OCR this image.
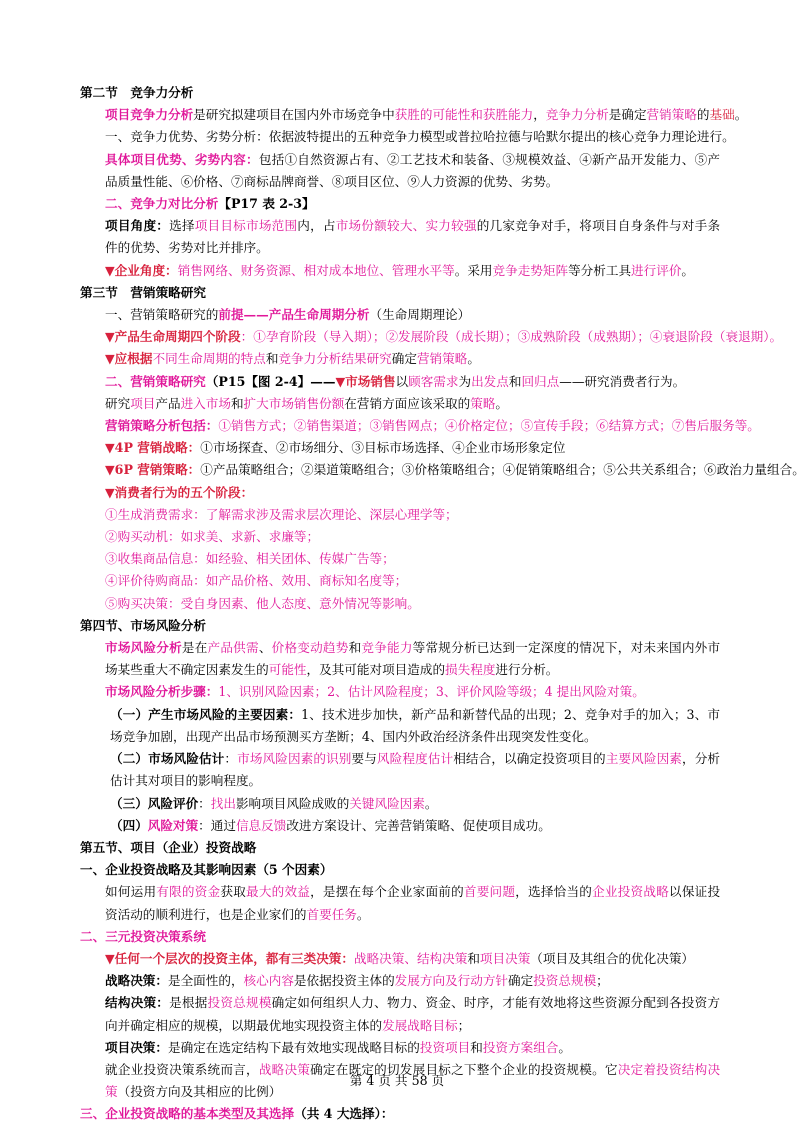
第二节　竞争力分析
项目竞争力分析是研究拟建项目在国内外市场竞争中获胜的可能性和获胜能力，竞争力分析是确定营销策略的基础。
一、竞争力优势、劣势分析：依据波特提出的五种竞争力模型或普拉哈拉德与哈默尔提出的核心竞争力理论进行。
具体项目优势、劣势内容：包括①自然资源占有、②工艺技术和装备、③规模效益、④新产品开发能力、⑤产品质量性能、⑥价格、⑦商标品牌商誉、⑧项目区位、⑨人力资源的优势、劣势。
二、竞争力对比分析【P17 表 2-3】
项目角度：选择项目目标市场范围内，占市场份额较大、实力较强的几家竞争对手，将项目自身条件与对手条件的优势、劣势对比并排序。
▼企业角度：销售网络、财务资源、相对成本地位、管理水平等。采用竞争走势矩阵等分析工具进行评价。
第三节　营销策略研究
一、营销策略研究的前提——产品生命周期分析（生命周期理论）
▼产品生命周期四个阶段：①孕育阶段（导入期）；②发展阶段（成长期）；③成熟阶段（成熟期）；④衰退阶段（衰退期）。
▼应根据不同生命周期的特点和竞争力分析结果研究确定营销策略。
二、营销策略研究（P15【图 2-4】——▼市场销售以顾客需求为出发点和回归点——研究消费者行为。
研究项目产品进入市场和扩大市场销售份额在营销方面应该采取的策略。
营销策略分析包括：①销售方式；②销售渠道；③销售网点；④价格定位；⑤宣传手段；⑥结算方式；⑦售后服务等。
▼4P 营销战略：①市场探查、②市场细分、③目标市场选择、④企业市场形象定位
▼6P 营销策略：①产品策略组合；②渠道策略组合；③价格策略组合；④促销策略组合；⑤公共关系组合；⑥政治力量组合。
▼消费者行为的五个阶段：
①生成消费需求：了解需求涉及需求层次理论、深层心理学等；
②购买动机：如求美、求新、求廉等；
③收集商品信息：如经验、相关团体、传媒广告等；
④评价待购商品：如产品价格、效用、商标知名度等；
⑤购买决策：受自身因素、他人态度、意外情况等影响。
第四节、市场风险分析
市场风险分析是在产品供需、价格变动趋势和竞争能力等常规分析已达到一定深度的情况下，对未来国内外市场某些重大不确定因素发生的可能性，及其可能对项目造成的损失程度进行分析。
市场风险分析步骤：1、识别风险因素；2、估计风险程度；3、评价风险等级；4 提出风险对策。
（一）产生市场风险的主要因素：1、技术进步加快，新产品和新替代品的出现；2、竞争对手的加入；3、市场竞争加剧，出现产出品市场预测买方垄断；4、国内外政治经济条件出现突发性变化。
（二）市场风险估计：市场风险因素的识别要与风险程度估计相结合，以确定投资项目的主要风险因素，分析估计其对项目的影响程度。
（三）风险评价：找出影响项目风险成败的关键风险因素。
（四）风险对策：通过信息反馈改进方案设计、完善营销策略、促使项目成功。
第五节、项目（企业）投资战略
一、企业投资战略及其影响因素（5 个因素）
如何运用有限的资金获取最大的效益，是摆在每个企业家面前的首要问题，选择恰当的企业投资战略以保证投资活动的顺利进行，也是企业家们的首要任务。
二、三元投资决策系统
▼任何一个层次的投资主体，都有三类决策：战略决策、结构决策和项目决策（项目及其组合的优化决策）
战略决策：是全面性的，核心内容是依据投资主体的发展方向及行动方针确定投资总规模；
结构决策：是根据投资总规模确定如何组织人力、物力、资金、时序，才能有效地将这些资源分配到各投资方向并确定相应的规模，以期最优地实现投资主体的发展战略目标；
项目决策：是确定在选定结构下最有效地实现战略目标的投资项目和投资方案组合。
就企业投资决策系统而言，战略决策确定在既定的切发展目标之下整个企业的投资规模。它决定着投资结构决策（投资方向及其相应的比例）
三、企业投资战略的基本类型及其选择（共 4 大选择）：
第 4 页 共 58 页
